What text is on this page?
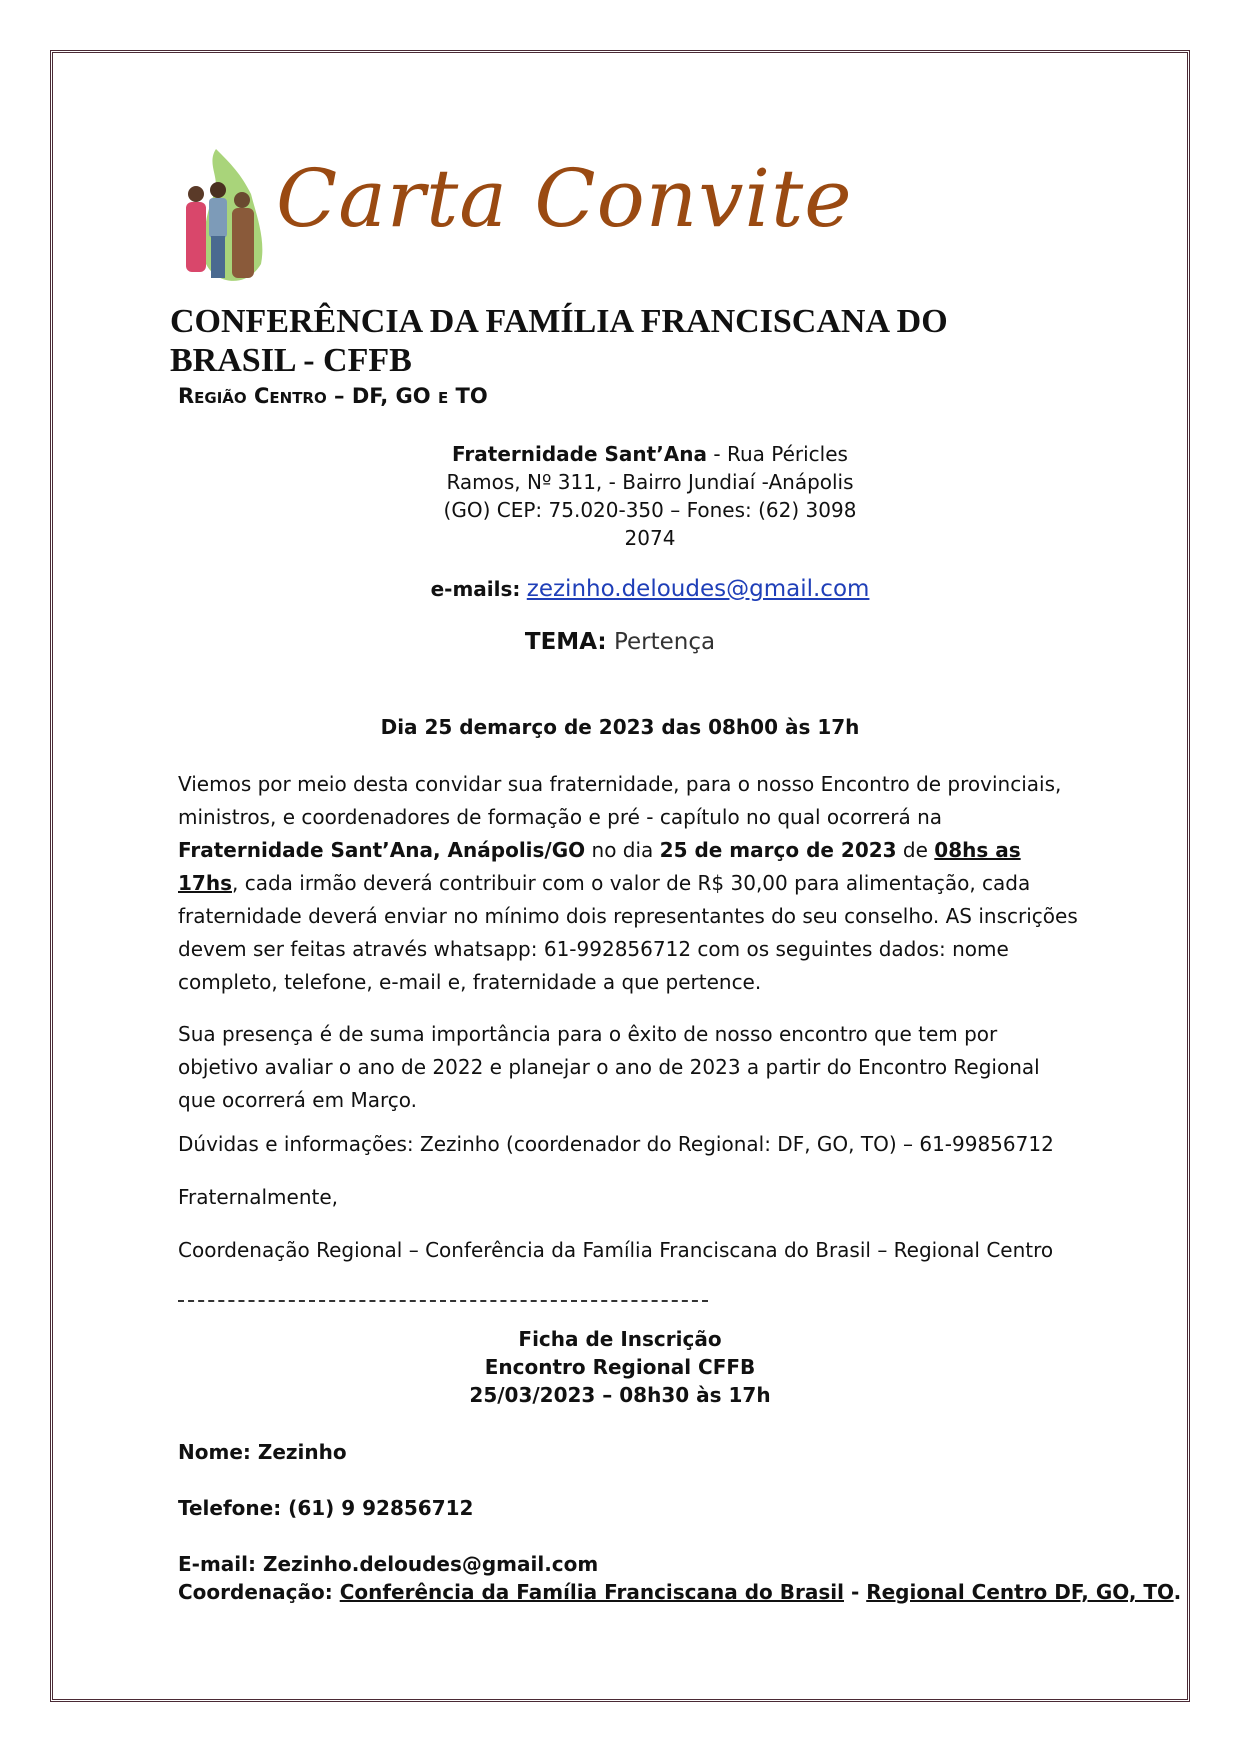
Carta Convite
CONFERÊNCIA DA FAMÍLIA FRANCISCANA DO BRASIL - CFFB
Região Centro – DF, GO e TO
Fraternidade Sant’Ana - Rua Péricles
Ramos, Nº 311, - Bairro Jundiaí -Anápolis
(GO) CEP: 75.020-350 – Fones: (62) 3098
2074
e-mails: zezinho.deloudes@gmail.com
TEMA: Pertença
Dia 25 demarço de 2023 das 08h00 às 17h
Viemos por meio desta convidar sua fraternidade, para o nosso Encontro de provinciais, ministros, e coordenadores de formação e pré - capítulo no qual ocorrerá na Fraternidade Sant’Ana, Anápolis/GO no dia 25 de março de 2023 de 08hs as 17hs, cada irmão deverá contribuir com o valor de R$ 30,00 para alimentação, cada fraternidade deverá enviar no mínimo dois representantes do seu conselho. AS inscrições devem ser feitas através whatsapp: 61-992856712 com os seguintes dados: nome completo, telefone, e-mail e, fraternidade a que pertence.
Sua presença é de suma importância para o êxito de nosso encontro que tem por objetivo avaliar o ano de 2022 e planejar o ano de 2023 a partir do Encontro Regional que ocorrerá em Março.
Dúvidas e informações: Zezinho (coordenador do Regional: DF, GO, TO) – 61-99856712
Fraternalmente,
Coordenação Regional – Conferência da Família Franciscana do Brasil – Regional Centro
Ficha de Inscrição
Encontro Regional CFFB
25/03/2023 – 08h30 às 17h
Nome: Zezinho
Telefone: (61) 9 92856712
E-mail: Zezinho.deloudes@gmail.com
Coordenação: Conferência da Família Franciscana do Brasil - Regional Centro DF, GO, TO.
